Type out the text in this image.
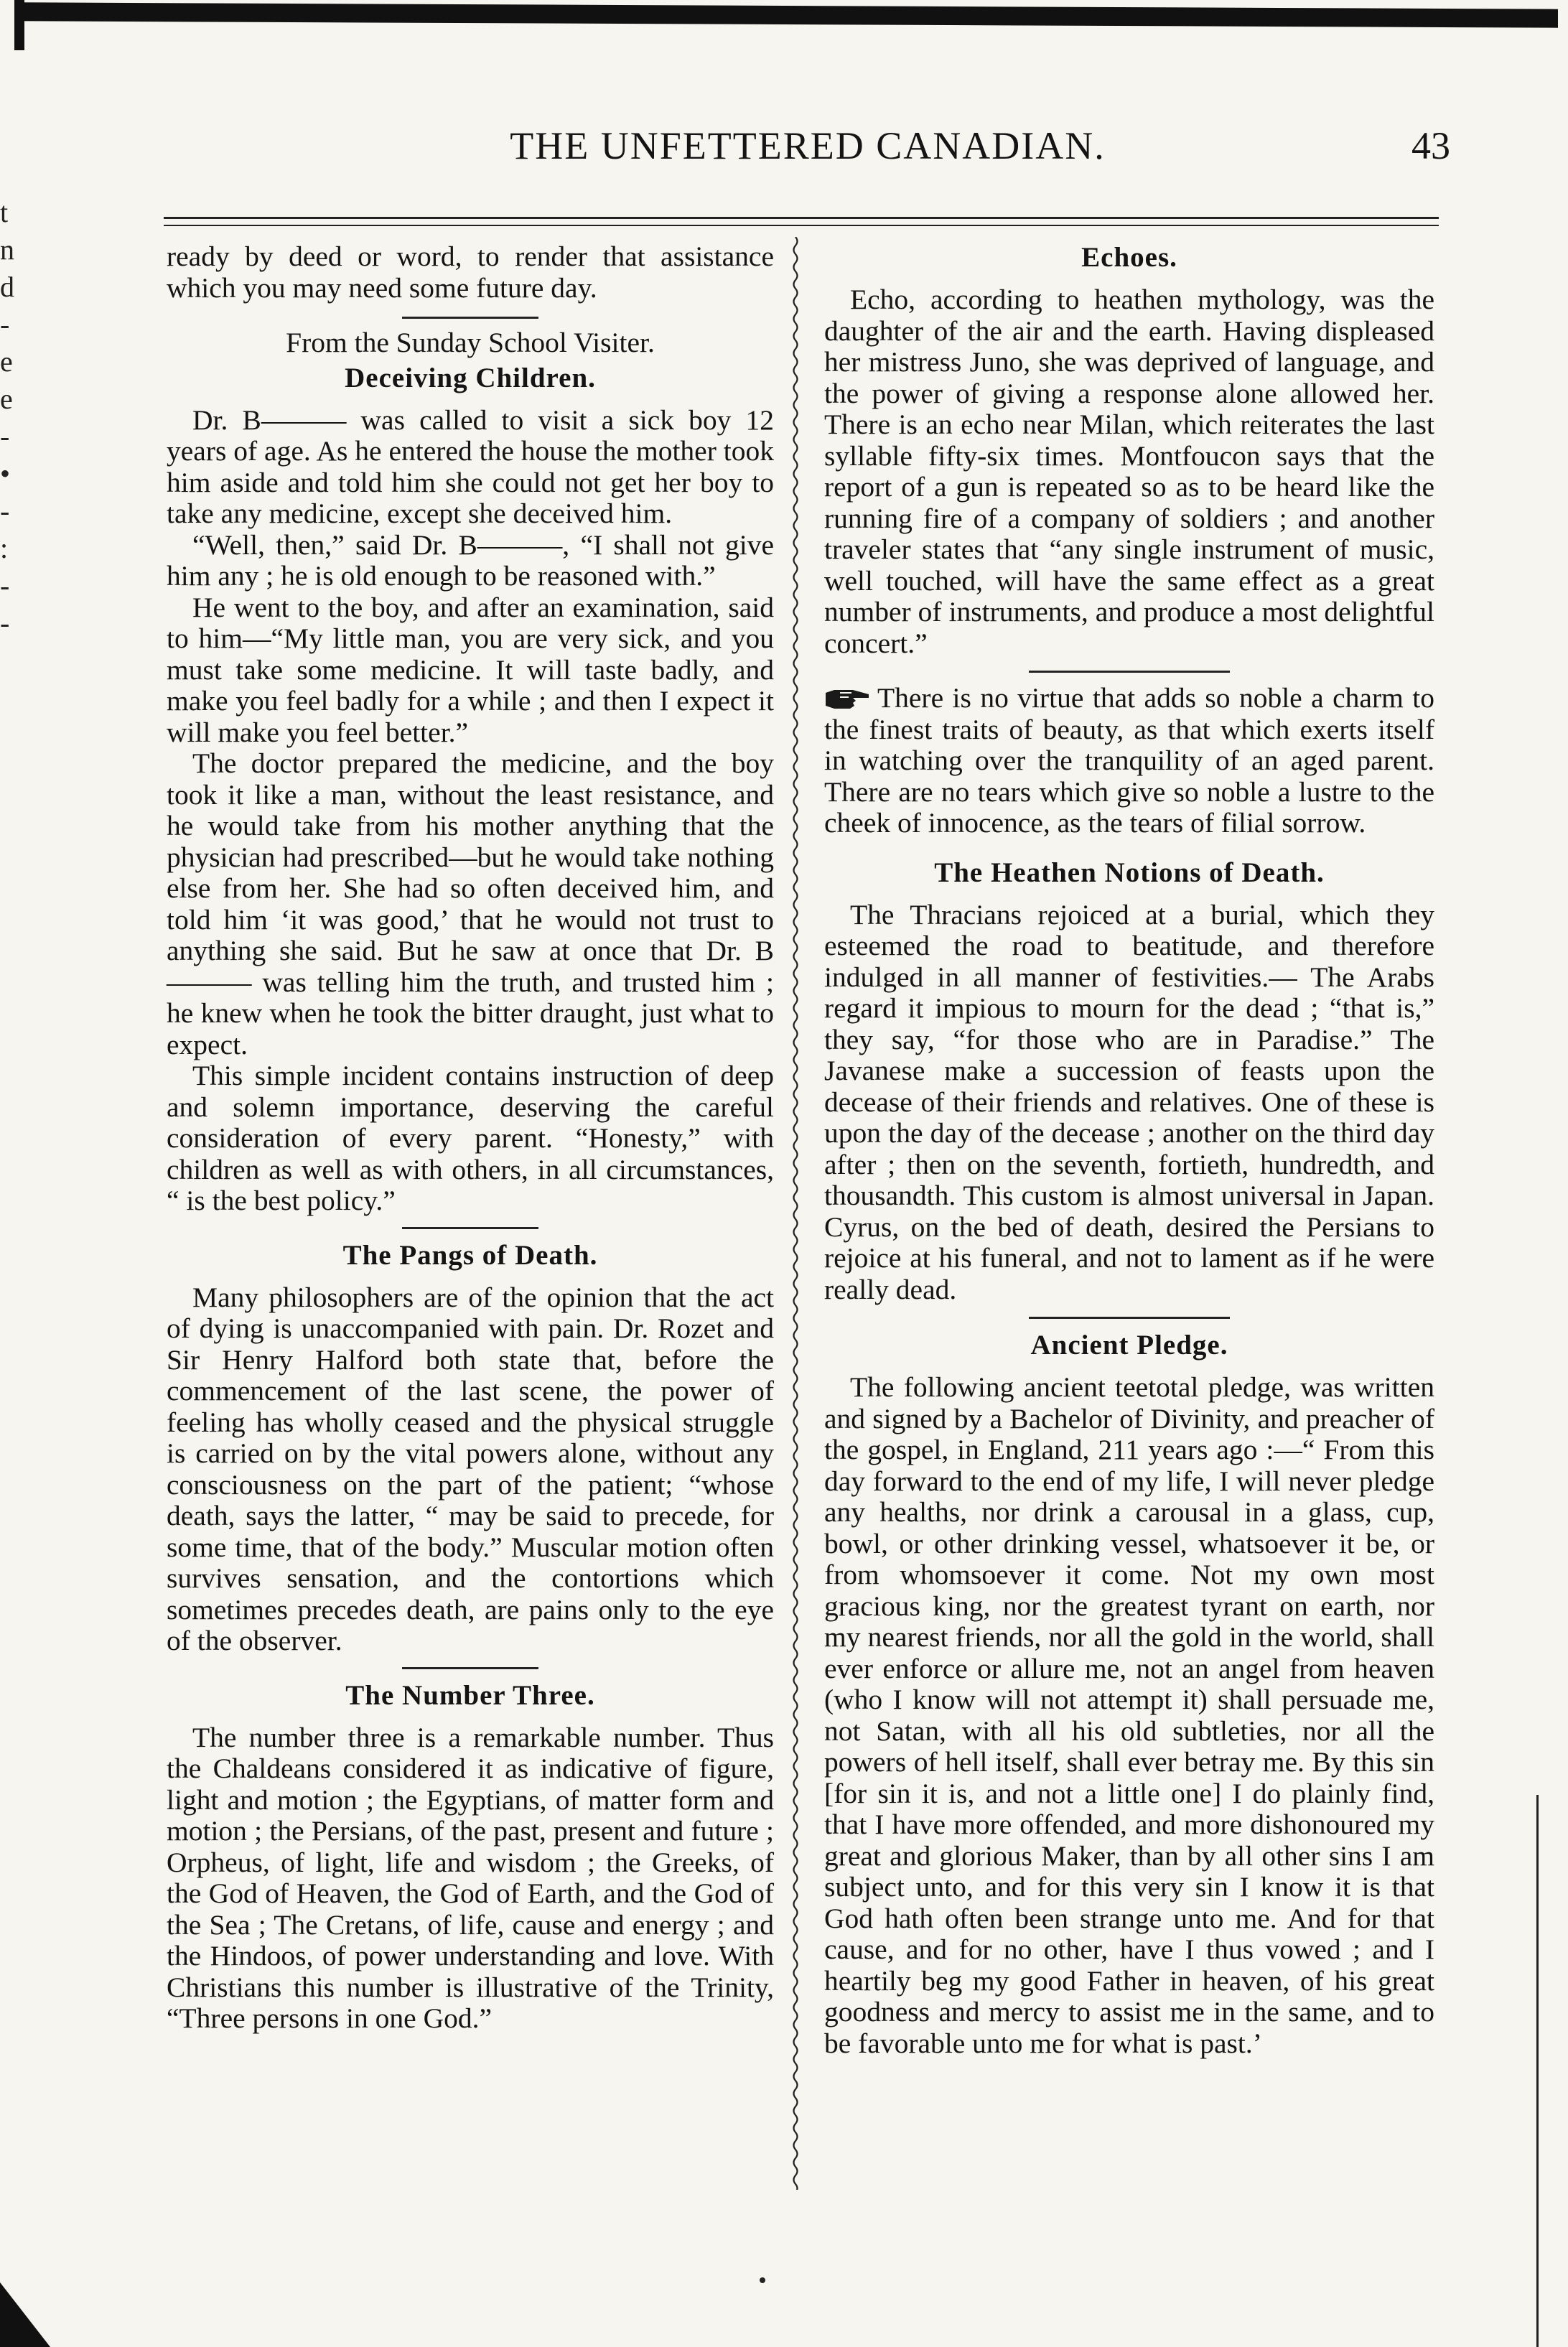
t
n
d
-
e
e
-
•
-
:
-
-
THE UNFETTERED CANADIAN.	43

ready by deed or word, to render that assistance which you may need some future day.

From the Sunday School Visiter.

Deceiving Children.

Dr. B——— was called to visit a sick boy 12 years of age. As he entered the house the mother took him aside and told him she could not get her boy to take any medicine, except she deceived him.

“Well, then,” said Dr. B———, “I shall not give him any ; he is old enough to be reasoned with.”

He went to the boy, and after an examination, said to him—“My little man, you are very sick, and you must take some medicine. It will taste badly, and make you feel badly for a while ; and then I expect it will make you feel better.”

The doctor prepared the medicine, and the boy took it like a man, without the least resistance, and he would take from his mother anything that the physician had prescribed—but he would take nothing else from her. She had so often deceived him, and told him ‘it was good,’ that he would not trust to anything she said. But he saw at once that Dr. B——— was telling him the truth, and trusted him ; he knew when he took the bitter draught, just what to expect.

This simple incident contains instruction of deep and solemn importance, deserving the careful consideration of every parent. “Honesty,” with children as well as with others, in all circumstances, “ is the best policy.”

The Pangs of Death.

Many philosophers are of the opinion that the act of dying is unaccompanied with pain. Dr. Rozet and Sir Henry Halford both state that, before the commencement of the last scene, the power of feeling has wholly ceased and the physical struggle is carried on by the vital powers alone, without any consciousness on the part of the patient; “whose death, says the latter, “ may be said to precede, for some time, that of the body.” Muscular motion often survives sensation, and the contortions which sometimes precedes death, are pains only to the eye of the observer.

The Number Three.

The number three is a remarkable number. Thus the Chaldeans considered it as indicative of figure, light and motion ; the Egyptians, of matter form and motion ; the Persians, of the past, present and future ; Orpheus, of light, life and wisdom ; the Greeks, of the God of Heaven, the God of Earth, and the God of the Sea ; The Cretans, of life, cause and energy ; and the Hindoos, of power understanding and love. With Christians this number is illustrative of the Trinity, “Three persons in one God.”

Echoes.

Echo, according to heathen mythology, was the daughter of the air and the earth. Having displeased her mistress Juno, she was deprived of language, and the power of giving a response alone allowed her. There is an echo near Milan, which reiterates the last syllable fifty-six times. Montfoucon says that the report of a gun is repeated so as to be heard like the running fire of a company of soldiers ; and another traveler states that “any single instrument of music, well touched, will have the same effect as a great number of instruments, and produce a most delightful concert.”

There is no virtue that adds so noble a charm to the finest traits of beauty, as that which exerts itself in watching over the tranquility of an aged parent. There are no tears which give so noble a lustre to the cheek of innocence, as the tears of filial sorrow.

The Heathen Notions of Death.

The Thracians rejoiced at a burial, which they esteemed the road to beatitude, and therefore indulged in all manner of festivities.— The Arabs regard it impious to mourn for the dead ; “that is,” they say, “for those who are in Paradise.” The Javanese make a succession of feasts upon the decease of their friends and relatives. One of these is upon the day of the decease ; another on the third day after ; then on the seventh, fortieth, hundredth, and thousandth. This custom is almost universal in Japan. Cyrus, on the bed of death, desired the Persians to rejoice at his funeral, and not to lament as if he were really dead.

Ancient Pledge.

The following ancient teetotal pledge, was written and signed by a Bachelor of Divinity, and preacher of the gospel, in England, 211 years ago :—“ From this day forward to the end of my life, I will never pledge any healths, nor drink a carousal in a glass, cup, bowl, or other drinking vessel, whatsoever it be, or from whomsoever it come. Not my own most gracious king, nor the greatest tyrant on earth, nor my nearest friends, nor all the gold in the world, shall ever enforce or allure me, not an angel from heaven (who I know will not attempt it) shall persuade me, not Satan, with all his old subtleties, nor all the powers of hell itself, shall ever betray me. By this sin [for sin it is, and not a little one] I do plainly find, that I have more offended, and more dishonoured my great and glorious Maker, than by all other sins I am subject unto, and for this very sin I know it is that God hath often been strange unto me. And for that cause, and for no other, have I thus vowed ; and I heartily beg my good Father in heaven, of his great goodness and mercy to assist me in the same, and to be favorable unto me for what is past.’
